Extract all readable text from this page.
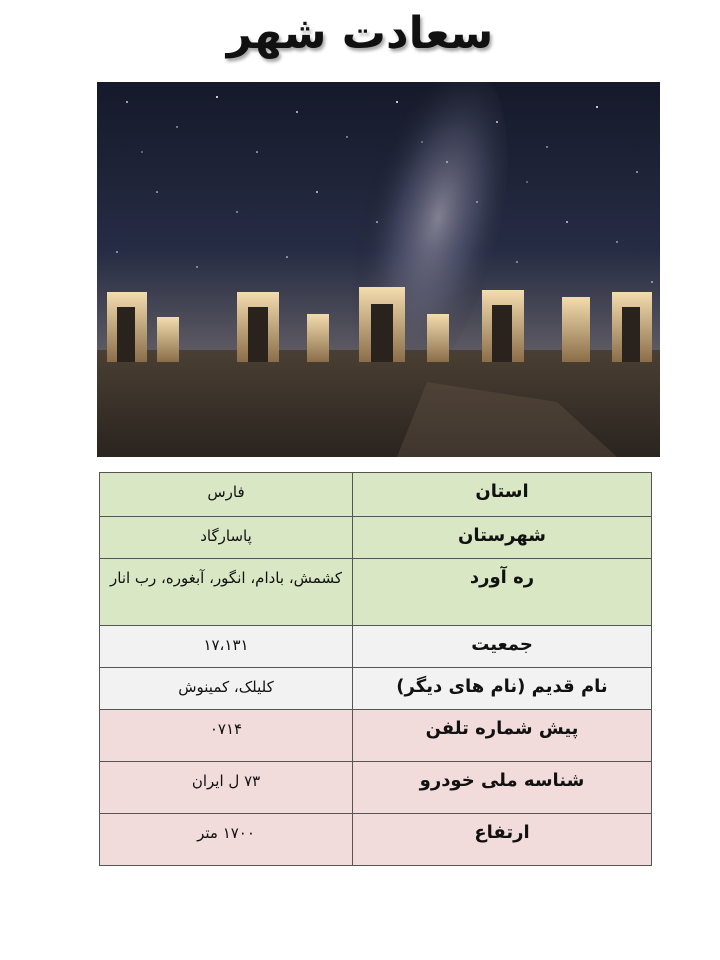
سعادت شهر
استان	فارس
شهرستان	پاسارگاد
ره آورد	کشمش، بادام، انگور، آبغوره، رب انار
جمعیت	۱۷،۱۳۱
نام قدیم (نام های دیگر)	کلیلک، کمینوش
پیش شماره تلفن	۰۷۱۴
شناسه ملی خودرو	۷۳ ل ایران
ارتفاع	۱۷۰۰ متر
